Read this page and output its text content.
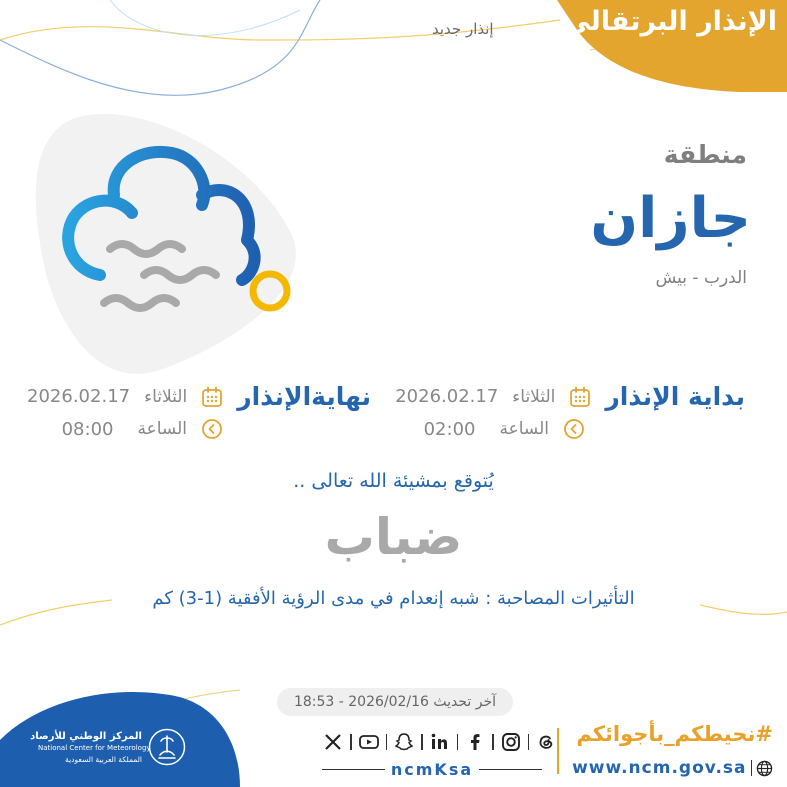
الإنذار البرتقالي
إنذار جديد
منطقة
جازان
الدرب - بيش
بداية الإنذار
الثلاثاء
2026.02.17
الساعة
02:00
نهايةالإنذار
الثلاثاء
2026.02.17
الساعة
08:00
يُتوقع بمشيئة الله تعالى ..
ضباب
التأثيرات المصاحبة : شبه إنعدام في مدى الرؤية الأفقية (1-3) كم
آخر تحديث 2026/02/16 - 18:53
المركز الوطني للأرصاد
National Center for Meteorology
المملكة العربية السعودية
ncmKsa
#نحيطكم_بأجوائكم
www.ncm.gov.sa
